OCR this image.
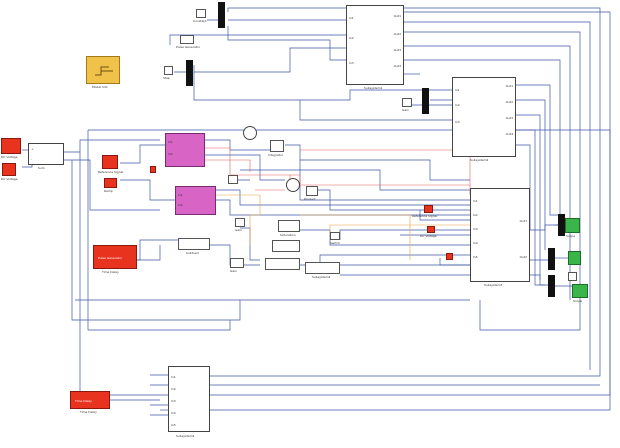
Constant
Pulse Generator
Step
Model Info
In1
In2
In3
Out1
Out2
Out3
Out4
Subsystem1
Gain
In1
In2
In3
Out1
Out2
Out3
Out4
Subsystem2
DC Voltage
DC Voltage
+
-
Sum
Reference Signal
Ramp
In1
In2
In1
In2
Integrator
Product
Gain
Saturation
Switch
Subtract
Gain
Subsystem4
Pulse Generator
Time Delay
Reference Signal
DC Voltage
In1
In2
In3
In4
In5
Out1
Out2
Subsystem3
Scope
Scope
In1
In2
In3
In4
In5
Subsystem4
Time Delay
Time Delay
